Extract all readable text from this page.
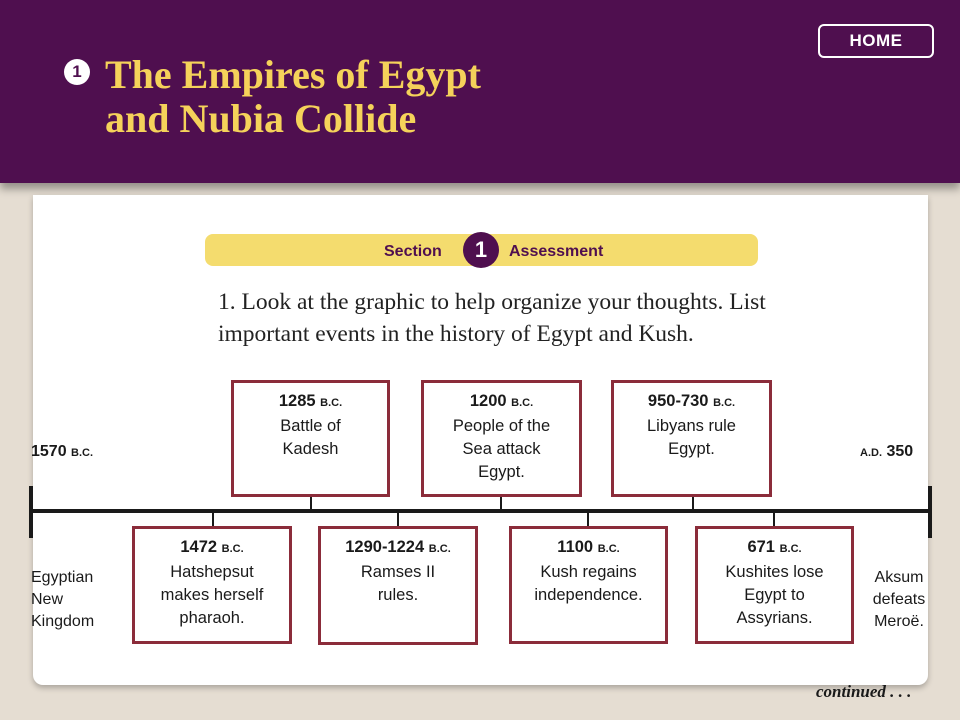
HOME
1 The Empires of Egypt
and Nubia Collide
Section	1	Assessment
1. Look at the graphic to help organize your thoughts. List important events in the history of Egypt and Kush.
1570 B.C.	A.D. 350
Egyptian
New
Kingdom
Aksum
defeats
Meroë.
1285 B.C.
Battle of
Kadesh
1200 B.C.
People of the
Sea attack
Egypt.
950-730 B.C.
Libyans rule
Egypt.
1472 B.C.
Hatshepsut
makes herself
pharaoh.
1290-1224 B.C.
Ramses II
rules.
1100 B.C.
Kush regains
independence.
671 B.C.
Kushites lose
Egypt to
Assyrians.
continued . . .
